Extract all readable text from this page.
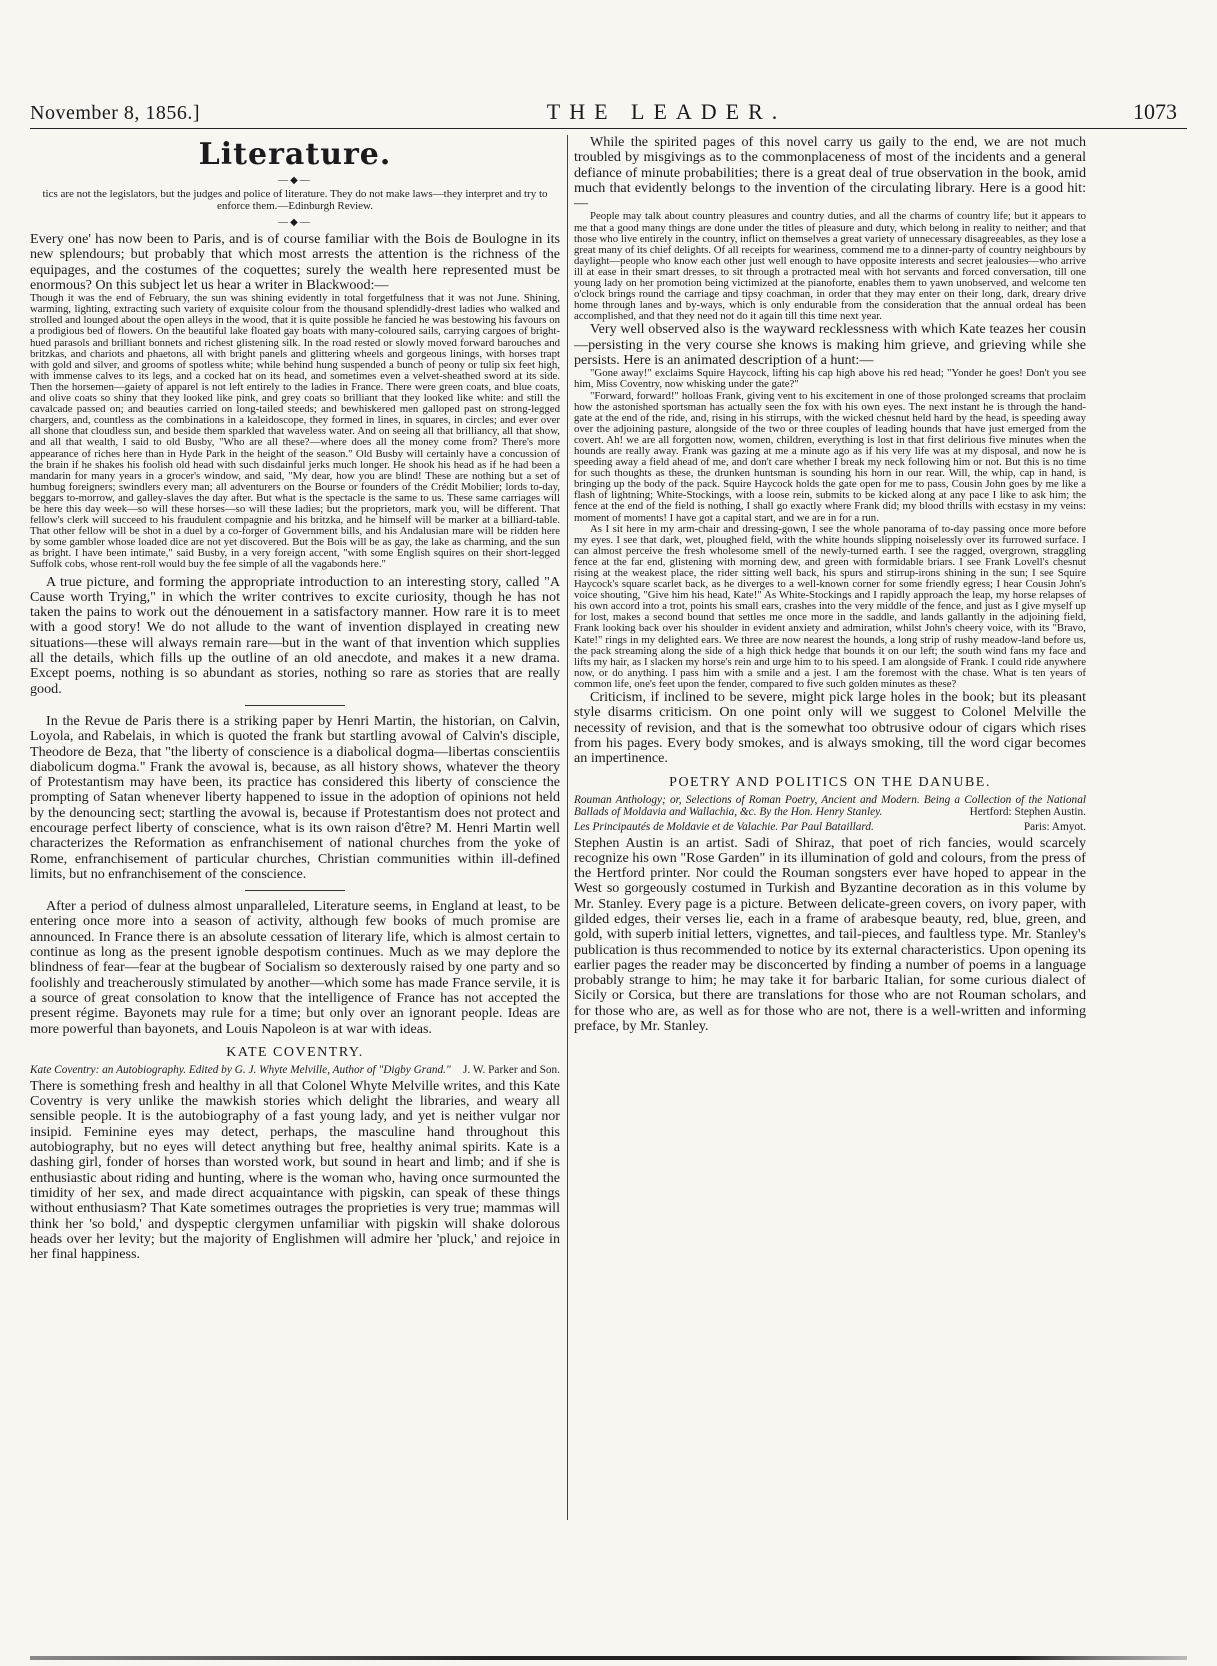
November 8, 1856.]	THE LEADER.	1073
Literature.
—◆—

tics are not the legislators, but the judges and police of literature. They do not make laws—they interpret and try to enforce them.—Edinburgh Review.

—◆—

Every one' has now been to Paris, and is of course familiar with the Bois de Boulogne in its new splendours; but probably that which most arrests the attention is the richness of the equipages, and the costumes of the coquettes; surely the wealth here represented must be enormous? On this subject let us hear a writer in Blackwood:—

Though it was the end of February, the sun was shining evidently in total forgetfulness that it was not June. Shining, warming, lighting, extracting such variety of exquisite colour from the thousand splendidly-drest ladies who walked and strolled and lounged about the open alleys in the wood, that it is quite possible he fancied he was bestowing his favours on a prodigious bed of flowers. On the beautiful lake floated gay boats with many-coloured sails, carrying cargoes of bright-hued parasols and brilliant bonnets and richest glistening silk. In the road rested or slowly moved forward barouches and britzkas, and chariots and phaetons, all with bright panels and glittering wheels and gorgeous linings, with horses trapt with gold and silver, and grooms of spotless white; while behind hung suspended a bunch of peony or tulip six feet high, with immense calves to its legs, and a cocked hat on its head, and sometimes even a velvet-sheathed sword at its side. Then the horsemen—gaiety of apparel is not left entirely to the ladies in France. There were green coats, and blue coats, and olive coats so shiny that they looked like pink, and grey coats so brilliant that they looked like white: and still the cavalcade passed on; and beauties carried on long-tailed steeds; and bewhiskered men galloped past on strong-legged chargers, and, countless as the combinations in a kaleidoscope, they formed in lines, in squares, in circles; and ever over all shone that cloudless sun, and beside them sparkled that waveless water. And on seeing all that brilliancy, all that show, and all that wealth, I said to old Busby, "Who are all these?—where does all the money come from? There's more appearance of riches here than in Hyde Park in the height of the season." Old Busby will certainly have a concussion of the brain if he shakes his foolish old head with such disdainful jerks much longer. He shook his head as if he had been a mandarin for many years in a grocer's window, and said, "My dear, how you are blind! These are nothing but a set of humbug foreigners; swindlers every man; all adventurers on the Bourse or founders of the Crédit Mobilier; lords to-day, beggars to-morrow, and galley-slaves the day after. But what is the spectacle is the same to us. These same carriages will be here this day week—so will these horses—so will these ladies; but the proprietors, mark you, will be different. That fellow's clerk will succeed to his fraudulent compagnie and his britzka, and he himself will be marker at a billiard-table. That other fellow will be shot in a duel by a co-forger of Government bills, and his Andalusian mare will be ridden here by some gambler whose loaded dice are not yet discovered. But the Bois will be as gay, the lake as charming, and the sun as bright. I have been intimate," said Busby, in a very foreign accent, "with some English squires on their short-legged Suffolk cobs, whose rent-roll would buy the fee simple of all the vagabonds here."

A true picture, and forming the appropriate introduction to an interesting story, called "A Cause worth Trying," in which the writer contrives to excite curiosity, though he has not taken the pains to work out the dénouement in a satisfactory manner. How rare it is to meet with a good story! We do not allude to the want of invention displayed in creating new situations—these will always remain rare—but in the want of that invention which supplies all the details, which fills up the outline of an old anecdote, and makes it a new drama. Except poems, nothing is so abundant as stories, nothing so rare as stories that are really good.

In the Revue de Paris there is a striking paper by Henri Martin, the historian, on Calvin, Loyola, and Rabelais, in which is quoted the frank but startling avowal of Calvin's disciple, Theodore de Beza, that "the liberty of conscience is a diabolical dogma—libertas conscientiis diabolicum dogma." Frank the avowal is, because, as all history shows, whatever the theory of Protestantism may have been, its practice has considered this liberty of conscience the prompting of Satan whenever liberty happened to issue in the adoption of opinions not held by the denouncing sect; startling the avowal is, because if Protestantism does not protect and encourage perfect liberty of conscience, what is its own raison d'être? M. Henri Martin well characterizes the Reformation as enfranchisement of national churches from the yoke of Rome, enfranchisement of particular churches, Christian communities within ill-defined limits, but no enfranchisement of the conscience.

After a period of dulness almost unparalleled, Literature seems, in England at least, to be entering once more into a season of activity, although few books of much promise are announced. In France there is an absolute cessation of literary life, which is almost certain to continue as long as the present ignoble despotism continues. Much as we may deplore the blindness of fear—fear at the bugbear of Socialism so dexterously raised by one party and so foolishly and treacherously stimulated by another—which some has made France servile, it is a source of great consolation to know that the intelligence of France has not accepted the present régime. Bayonets may rule for a time; but only over an ignorant people. Ideas are more powerful than bayonets, and Louis Napoleon is at war with ideas.

KATE COVENTRY.
Kate Coventry: an Autobiography. Edited by G. J. Whyte Melville, Author of "Digby Grand." J. W. Parker and Son.

There is something fresh and healthy in all that Colonel Whyte Melville writes, and this Kate Coventry is very unlike the mawkish stories which delight the libraries, and weary all sensible people. It is the autobiography of a fast young lady, and yet is neither vulgar nor insipid. Feminine eyes may detect, perhaps, the masculine hand throughout this autobiography, but no eyes will detect anything but free, healthy animal spirits. Kate is a dashing girl, fonder of horses than worsted work, but sound in heart and limb; and if she is enthusiastic about riding and hunting, where is the woman who, having once surmounted the timidity of her sex, and made direct acquaintance with pigskin, can speak of these things without enthusiasm? That Kate sometimes outrages the proprieties is very true; mammas will think her 'so bold,' and dyspeptic clergymen unfamiliar with pigskin will shake dolorous heads over her levity; but the majority of Englishmen will admire her 'pluck,' and rejoice in her final happiness.

While the spirited pages of this novel carry us gaily to the end, we are not much troubled by misgivings as to the commonplaceness of most of the incidents and a general defiance of minute probabilities; there is a great deal of true observation in the book, amid much that evidently belongs to the invention of the circulating library. Here is a good hit:—

People may talk about country pleasures and country duties, and all the charms of country life; but it appears to me that a good many things are done under the titles of pleasure and duty, which belong in reality to neither; and that those who live entirely in the country, inflict on themselves a great variety of unnecessary disagreeables, as they lose a great many of its chief delights. Of all receipts for weariness, commend me to a dinner-party of country neighbours by daylight—people who know each other just well enough to have opposite interests and secret jealousies—who arrive ill at ease in their smart dresses, to sit through a protracted meal with hot servants and forced conversation, till one young lady on her promotion being victimized at the pianoforte, enables them to yawn unobserved, and welcome ten o'clock brings round the carriage and tipsy coachman, in order that they may enter on their long, dark, dreary drive home through lanes and by-ways, which is only endurable from the consideration that the annual ordeal has been accomplished, and that they need not do it again till this time next year.

Very well observed also is the wayward recklessness with which Kate teazes her cousin—persisting in the very course she knows is making him grieve, and grieving while she persists. Here is an animated description of a hunt:—

"Gone away!" exclaims Squire Haycock, lifting his cap high above his red head; "Yonder he goes! Don't you see him, Miss Coventry, now whisking under the gate?"

"Forward, forward!" holloas Frank, giving vent to his excitement in one of those prolonged screams that proclaim how the astonished sportsman has actually seen the fox with his own eyes. The next instant he is through the hand-gate at the end of the ride, and, rising in his stirrups, with the wicked chesnut held hard by the head, is speeding away over the adjoining pasture, alongside of the two or three couples of leading hounds that have just emerged from the covert. Ah! we are all forgotten now, women, children, everything is lost in that first delirious five minutes when the hounds are really away. Frank was gazing at me a minute ago as if his very life was at my disposal, and now he is speeding away a field ahead of me, and don't care whether I break my neck following him or not. But this is no time for such thoughts as these, the drunken huntsman is sounding his horn in our rear. Will, the whip, cap in hand, is bringing up the body of the pack. Squire Haycock holds the gate open for me to pass, Cousin John goes by me like a flash of lightning; White-Stockings, with a loose rein, submits to be kicked along at any pace I like to ask him; the fence at the end of the field is nothing, I shall go exactly where Frank did; my blood thrills with ecstasy in my veins: moment of moments! I have got a capital start, and we are in for a run.

As I sit here in my arm-chair and dressing-gown, I see the whole panorama of to-day passing once more before my eyes. I see that dark, wet, ploughed field, with the white hounds slipping noiselessly over its furrowed surface. I can almost perceive the fresh wholesome smell of the newly-turned earth. I see the ragged, overgrown, straggling fence at the far end, glistening with morning dew, and green with formidable briars. I see Frank Lovell's chesnut rising at the weakest place, the rider sitting well back, his spurs and stirrup-irons shining in the sun; I see Squire Haycock's square scarlet back, as he diverges to a well-known corner for some friendly egress; I hear Cousin John's voice shouting, "Give him his head, Kate!" As White-Stockings and I rapidly approach the leap, my horse relapses of his own accord into a trot, points his small ears, crashes into the very middle of the fence, and just as I give myself up for lost, makes a second bound that settles me once more in the saddle, and lands gallantly in the adjoining field, Frank looking back over his shoulder in evident anxiety and admiration, whilst John's cheery voice, with its "Bravo, Kate!" rings in my delighted ears. We three are now nearest the hounds, a long strip of rushy meadow-land before us, the pack streaming along the side of a high thick hedge that bounds it on our left; the south wind fans my face and lifts my hair, as I slacken my horse's rein and urge him to to his speed. I am alongside of Frank. I could ride anywhere now, or do anything. I pass him with a smile and a jest. I am the foremost with the chase. What is ten years of common life, one's feet upon the fender, compared to five such golden minutes as these?

Criticism, if inclined to be severe, might pick large holes in the book; but its pleasant style disarms criticism. On one point only will we suggest to Colonel Melville the necessity of revision, and that is the somewhat too obtrusive odour of cigars which rises from his pages. Every body smokes, and is always smoking, till the word cigar becomes an impertinence.

POETRY AND POLITICS ON THE DANUBE.
Rouman Anthology; or, Selections of Roman Poetry, Ancient and Modern. Being a Collection of the National Ballads of Moldavia and Wallachia, &c. By the Hon. Henry Stanley.	Hertford: Stephen Austin.
Les Principautés de Moldavie et de Valachie. Par Paul Bataillard.	Paris: Amyot.

Stephen Austin is an artist. Sadi of Shiraz, that poet of rich fancies, would scarcely recognize his own "Rose Garden" in its illumination of gold and colours, from the press of the Hertford printer. Nor could the Rouman songsters ever have hoped to appear in the West so gorgeously costumed in Turkish and Byzantine decoration as in this volume by Mr. Stanley. Every page is a picture. Between delicate-green covers, on ivory paper, with gilded edges, their verses lie, each in a frame of arabesque beauty, red, blue, green, and gold, with superb initial letters, vignettes, and tail-pieces, and faultless type. Mr. Stanley's publication is thus recommended to notice by its external characteristics. Upon opening its earlier pages the reader may be disconcerted by finding a number of poems in a language probably strange to him; he may take it for barbaric Italian, for some curious dialect of Sicily or Corsica, but there are translations for those who are not Rouman scholars, and for those who are, as well as for those who are not, there is a well-written and informing preface, by Mr. Stanley.
